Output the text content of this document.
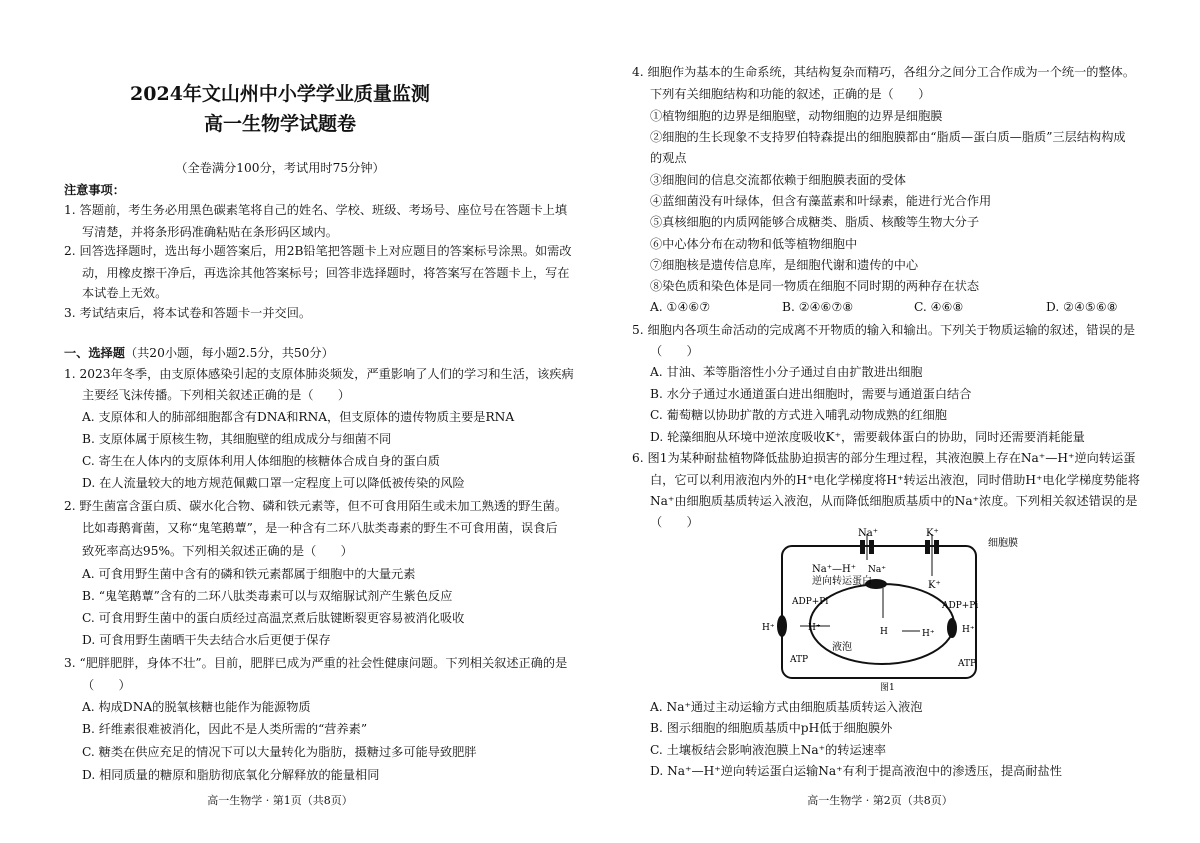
2024年文山州中小学学业质量监测
高一生物学试题卷
（全卷满分100分，考试用时75分钟）
注意事项：
1. 答题前，考生务必用黑色碳素笔将自己的姓名、学校、班级、考场号、座位号在答题卡上填
写清楚，并将条形码准确粘贴在条形码区域内。
2. 回答选择题时，选出每小题答案后，用2B铅笔把答题卡上对应题目的答案标号涂黑。如需改
动，用橡皮擦干净后，再选涂其他答案标号；回答非选择题时，将答案写在答题卡上，写在
本试卷上无效。
3. 考试结束后，将本试卷和答题卡一并交回。
一、选择题（共20小题，每小题2.5分，共50分）
1. 2023年冬季，由支原体感染引起的支原体肺炎频发，严重影响了人们的学习和生活，该疾病
主要经飞沫传播。下列相关叙述正确的是（　　）
A. 支原体和人的肺部细胞都含有DNA和RNA，但支原体的遗传物质主要是RNA
B. 支原体属于原核生物，其细胞壁的组成成分与细菌不同
C. 寄生在人体内的支原体利用人体细胞的核糖体合成自身的蛋白质
D. 在人流量较大的地方规范佩戴口罩一定程度上可以降低被传染的风险
2. 野生菌富含蛋白质、碳水化合物、磷和铁元素等，但不可食用陌生或未加工熟透的野生菌。
比如毒鹅膏菌，又称“鬼笔鹅蕈”，是一种含有二环八肽类毒素的野生不可食用菌，误食后
致死率高达95%。下列相关叙述正确的是（　　）
A. 可食用野生菌中含有的磷和铁元素都属于细胞中的大量元素
B. “鬼笔鹅蕈”含有的二环八肽类毒素可以与双缩脲试剂产生紫色反应
C. 可食用野生菌中的蛋白质经过高温烹煮后肽键断裂更容易被消化吸收
D. 可食用野生菌晒干失去结合水后更便于保存
3. “肥胖肥胖，身体不壮”。目前，肥胖已成为严重的社会性健康问题。下列相关叙述正确的是
（　　）
A. 构成DNA的脱氧核糖也能作为能源物质
B. 纤维素很难被消化，因此不是人类所需的“营养素”
C. 糖类在供应充足的情况下可以大量转化为脂肪，摄糖过多可能导致肥胖
D. 相同质量的糖原和脂肪彻底氧化分解释放的能量相同
高一生物学 · 第1页（共8页）
4. 细胞作为基本的生命系统，其结构复杂而精巧，各组分之间分工合作成为一个统一的整体。
下列有关细胞结构和功能的叙述，正确的是（　　）
①植物细胞的边界是细胞壁，动物细胞的边界是细胞膜
②细胞的生长现象不支持罗伯特森提出的细胞膜都由“脂质—蛋白质—脂质”三层结构构成
的观点
③细胞间的信息交流都依赖于细胞膜表面的受体
④蓝细菌没有叶绿体，但含有藻蓝素和叶绿素，能进行光合作用
⑤真核细胞的内质网能够合成糖类、脂质、核酸等生物大分子
⑥中心体分布在动物和低等植物细胞中
⑦细胞核是遗传信息库，是细胞代谢和遗传的中心
⑧染色质和染色体是同一物质在细胞不同时期的两种存在状态
A. ①④⑥⑦	B. ②④⑥⑦⑧	C. ④⑥⑧	D. ②④⑤⑥⑧
5. 细胞内各项生命活动的完成离不开物质的输入和输出。下列关于物质运输的叙述，错误的是
（　　）
A. 甘油、苯等脂溶性小分子通过自由扩散进出细胞
B. 水分子通过水通道蛋白进出细胞时，需要与通道蛋白结合
C. 葡萄糖以协助扩散的方式进入哺乳动物成熟的红细胞
D. 轮藻细胞从环境中逆浓度吸收K⁺，需要载体蛋白的协助，同时还需要消耗能量
6. 图1为某种耐盐植物降低盐胁迫损害的部分生理过程，其液泡膜上存在Na⁺—H⁺逆向转运蛋
白，它可以利用液泡内外的H⁺电化学梯度将H⁺转运出液泡，同时借助H⁺电化学梯度势能将
Na⁺由细胞质基质转运入液泡，从而降低细胞质基质中的Na⁺浓度。下列相关叙述错误的是
（　　）
Na⁺	K⁺
K⁺
细胞膜
Na⁺—H⁺
逆向转运蛋白
Na⁺
ADP+Pi	ADP+Pi
H⁺	H⁺	H	H⁺	H⁺
液泡
ATP	ATP
图1
A. Na⁺通过主动运输方式由细胞质基质转运入液泡
B. 图示细胞的细胞质基质中pH低于细胞膜外
C. 土壤板结会影响液泡膜上Na⁺的转运速率
D. Na⁺—H⁺逆向转运蛋白运输Na⁺有利于提高液泡中的渗透压，提高耐盐性
高一生物学 · 第2页（共8页）
